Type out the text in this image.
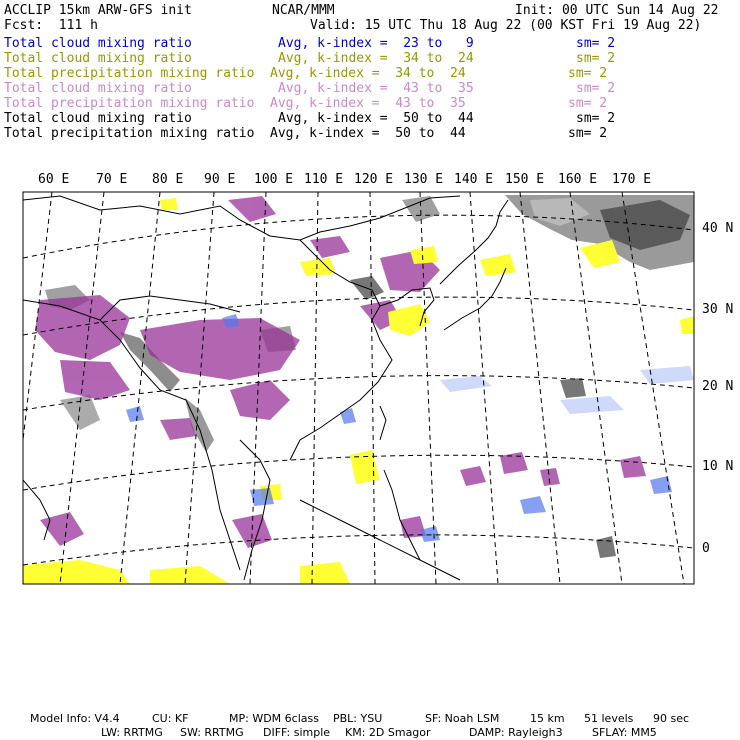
ACCLIP 15km ARW-GFS init	NCAR/MMM	Init: 00 UTC Sun 14 Aug 22
Fcst:  111 h	Valid: 15 UTC Thu 18 Aug 22 (00 KST Fri 19 Aug 22)
Total cloud mixing ratio	Avg, k-index =  23 to   9	sm= 2
Total cloud mixing ratio	Avg, k-index =  34 to  24	sm= 2
Total precipitation mixing ratio Avg, k-index =  34 to  24	sm= 2
Total cloud mixing ratio	Avg, k-index =  43 to  35	sm= 2
Total precipitation mixing ratio Avg, k-index =  43 to  35	sm= 2
Total cloud mixing ratio	Avg, k-index =  50 to  44	sm= 2
Total precipitation mixing ratio Avg, k-index =  50 to  44	sm= 2
60 E 70 E 80 E 90 E 100 E 110 E 120 E 130 E 140 E 150 E 160 E 170 E
40 N
30 N
20 N
10 N
0
Model Info: V4.4	CU: KF	MP: WDM 6class PBL: YSU	SF: Noah LSM	15 km 51 levels 90 sec
LW: RRTMG SW: RRTMG DIFF: simple KM: 2D Smagor	DAMP: Rayleigh3	SFLAY: MM5
